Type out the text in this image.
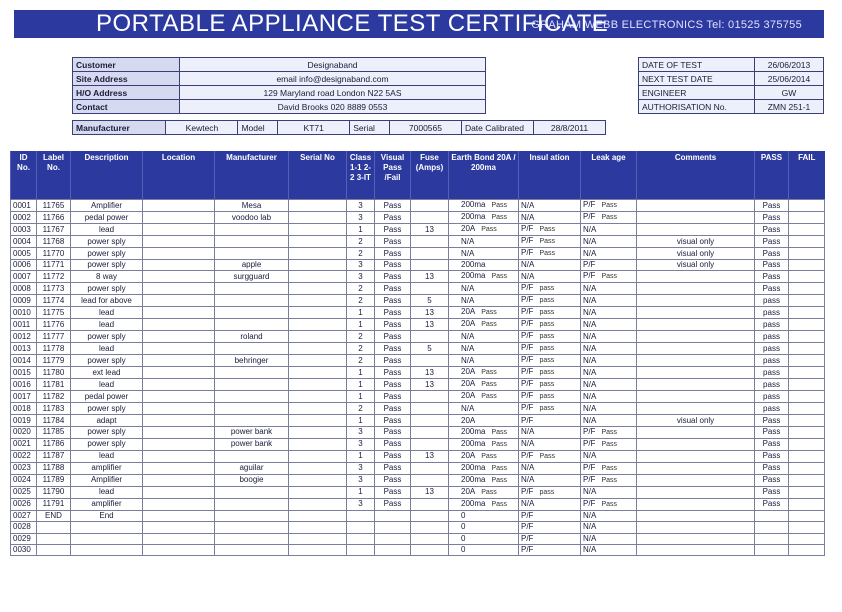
PORTABLE APPLIANCE TEST CERTIFICATE
GRAHAM WEBB ELECTRONICS Tel: 01525 375755
Customer	Designaband
Site Address	email info@designaband.com
H/O Address	129 Maryland road London N22 5AS
Contact	David Brooks 020 8889 0553
Manufacturer	Kewtech	Model	KT71	Serial	7000565	Date Calibrated	28/8/2011
DATE OF TEST	26/06/2013
NEXT TEST DATE	25/06/2014
ENGINEER	GW
AUTHORISATION No.	ZMN 251-1
ID No.	Label No.	Description	Location	Manufacturer	Serial No	Class 1-1 2-2 3-IT	Visual Pass /Fail	Fuse (Amps)	Earth Bond 20A / 200ma	Insul ation	Leak age	Comments	PASS	FAIL
0001	11765	Amplifier		Mesa		3	Pass		200ma Pass	N/A	P/F Pass		Pass	
0002	11766	pedal power		voodoo lab		3	Pass		200ma Pass	N/A	P/F Pass		Pass	
0003	11767	lead				1	Pass	13	20A Pass	P/F Pass	N/A		Pass	
0004	11768	power sply				2	Pass		N/A	P/F Pass	N/A	visual only	Pass	
0005	11770	power sply				2	Pass		N/A	P/F Pass	N/A	visual only	Pass	
0006	11771	power sply		apple		3	Pass		200ma	N/A	P/F	visual only	Pass	
0007	11772	8 way		surgguard		3	Pass	13	200ma Pass	N/A	P/F Pass		Pass	
0008	11773	power sply				2	Pass		N/A	P/F pass	N/A		Pass	
0009	11774	lead for above				2	Pass	5	N/A	P/F pass	N/A		pass	
0010	11775	lead				1	Pass	13	20A Pass	P/F pass	N/A		pass	
0011	11776	lead				1	Pass	13	20A Pass	P/F pass	N/A		pass	
0012	11777	power sply		roland		2	Pass		N/A	P/F pass	N/A		pass	
0013	11778	lead				2	Pass	5	N/A	P/F pass	N/A		pass	
0014	11779	power sply		behringer		2	Pass		N/A	P/F pass	N/A		pass	
0015	11780	ext lead				1	Pass	13	20A Pass	P/F pass	N/A		pass	
0016	11781	lead				1	Pass	13	20A Pass	P/F pass	N/A		pass	
0017	11782	pedal power				1	Pass		20A Pass	P/F pass	N/A		pass	
0018	11783	power sply				2	Pass		N/A	P/F pass	N/A		pass	
0019	11784	adapt				1	Pass		20A	P/F	N/A	visual only	Pass	
0020	11785	power sply		power bank		3	Pass		200ma Pass	N/A	P/F Pass		Pass	
0021	11786	power sply		power bank		3	Pass		200ma Pass	N/A	P/F Pass		Pass	
0022	11787	lead				1	Pass	13	20A Pass	P/F Pass	N/A		Pass	
0023	11788	amplifier		aguilar		3	Pass		200ma Pass	N/A	P/F Pass		Pass	
0024	11789	Amplifier		boogie		3	Pass		200ma Pass	N/A	P/F Pass		Pass	
0025	11790	lead				1	Pass	13	20A Pass	P/F pass	N/A		Pass	
0026	11791	amplifier				3	Pass		200ma Pass	N/A	P/F Pass		Pass	
0027	END	End							0	P/F	N/A			
0028									0	P/F	N/A			
0029									0	P/F	N/A			
0030									0	P/F	N/A			
